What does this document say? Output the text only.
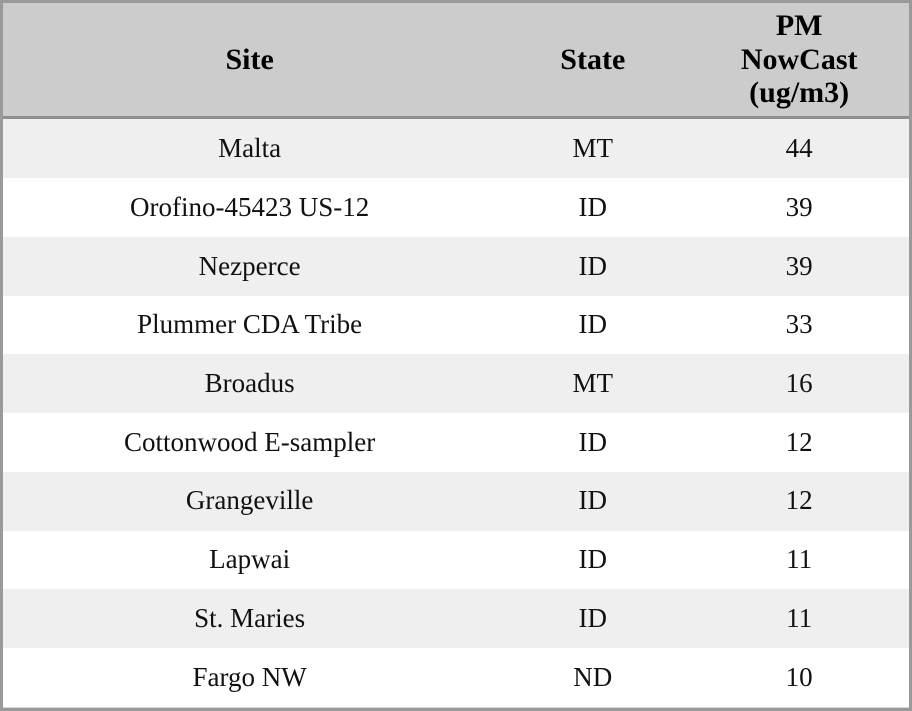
Site	State	PM
NowCast
(ug/m3)

Malta	MT	44
Orofino-45423 US-12	ID	39
Nezperce	ID	39
Plummer CDA Tribe	ID	33
Broadus	MT	16
Cottonwood E-sampler	ID	12
Grangeville	ID	12
Lapwai	ID	11
St. Maries	ID	11
Fargo NW	ND	10
